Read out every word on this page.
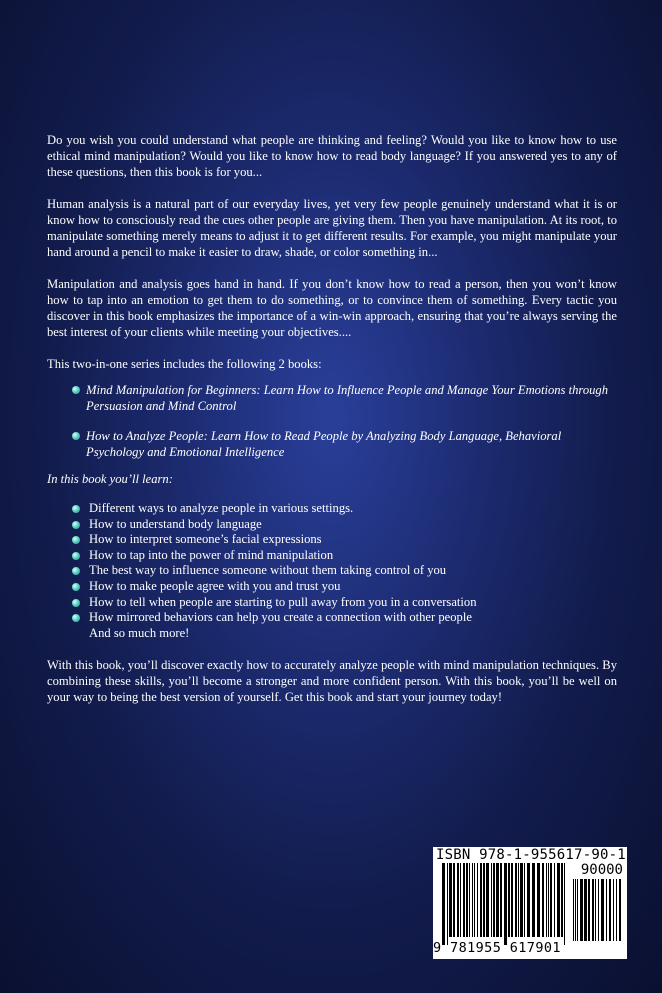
Do you wish you could understand what people are thinking and feeling? Would you like to know how to use ethical mind manipulation? Would you like to know how to read body language? If you answered yes to any of these questions, then this book is for you...

Human analysis is a natural part of our everyday lives, yet very few people genuinely understand what it is or know how to consciously read the cues other people are giving them. Then you have manipulation. At its root, to manipulate something merely means to adjust it to get different results. For example, you might manipulate your hand around a pencil to make it easier to draw, shade, or color something in...

Manipulation and analysis goes hand in hand. If you don’t know how to read a person, then you won’t know how to tap into an emotion to get them to do something, or to convince them of something. Every tactic you discover in this book emphasizes the importance of a win-win approach, ensuring that you’re always serving the best interest of your clients while meeting your objectives....

This two-in-one series includes the following 2 books:

Mind Manipulation for Beginners: Learn How to Influence People and Manage Your Emotions through Persuasion and Mind Control
How to Analyze People: Learn How to Read People by Analyzing Body Language, Behavioral Psychology and Emotional Intelligence

In this book you’ll learn:

Different ways to analyze people in various settings.
How to understand body language
How to interpret someone’s facial expressions
How to tap into the power of mind manipulation
The best way to influence someone without them taking control of you
How to make people agree with you and trust you
How to tell when people are starting to pull away from you in a conversation
How mirrored behaviors can help you create a connection with other people
And so much more!

With this book, you’ll discover exactly how to accurately analyze people with mind manipulation techniques. By combining these skills, you’ll become a stronger and more confident person. With this book, you’ll be well on your way to being the best version of yourself. Get this book and start your journey today!

ISBN 978-1-955617-90-1
90000
9 781955 617901
